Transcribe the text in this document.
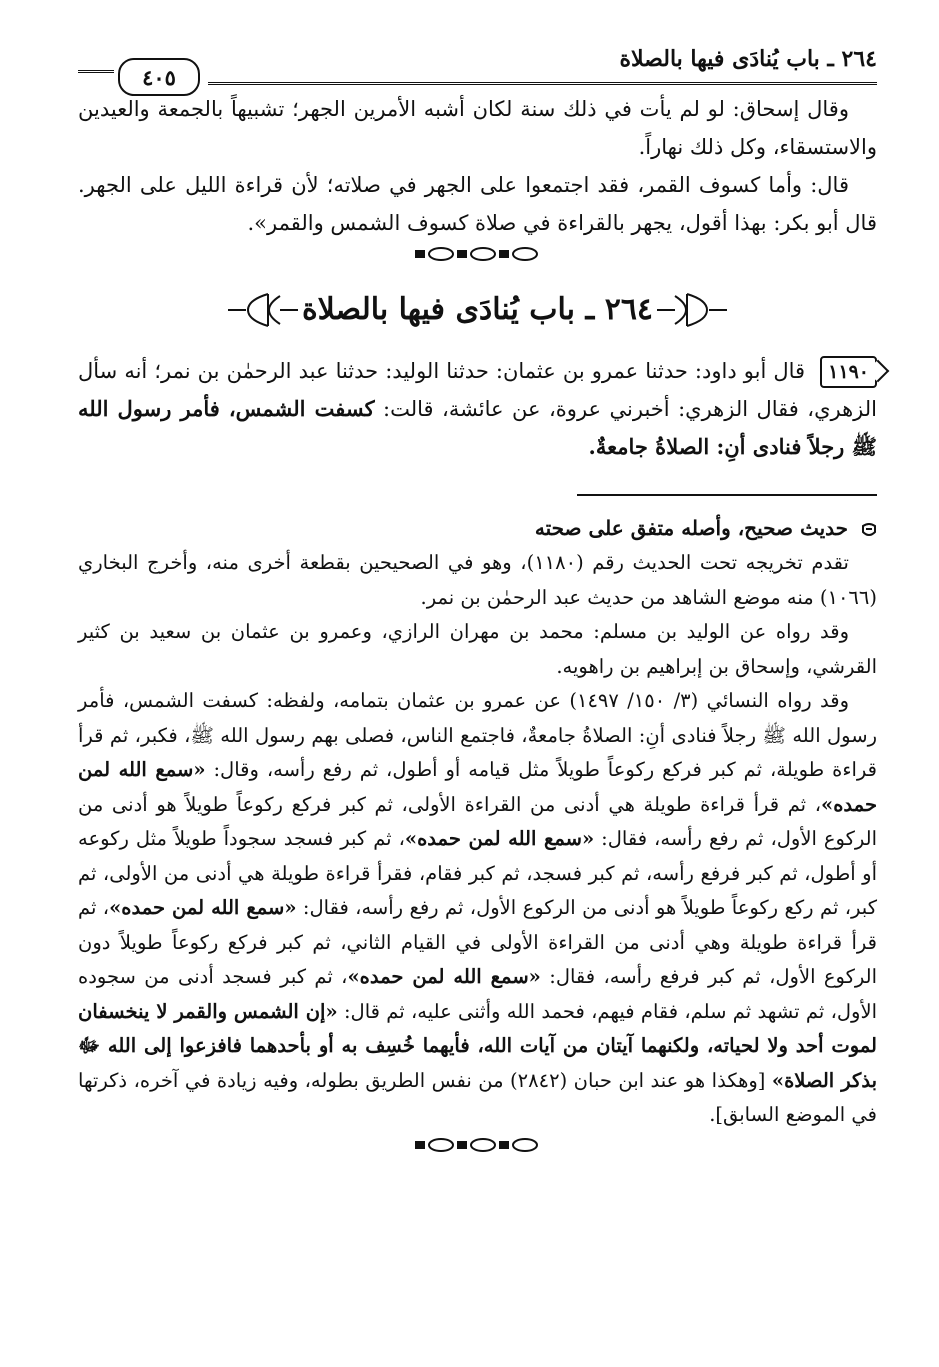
٢٦٤ ـ باب يُنادَى فيها بالصلاة
٤٠٥

وقال إسحاق: لو لم يأت في ذلك سنة لكان أشبه الأمرين الجهر؛ تشبيهاً بالجمعة والعيدين والاستسقاء، وكل ذلك نهاراً.

قال: وأما كسوف القمر، فقد اجتمعوا على الجهر في صلاته؛ لأن قراءة الليل على الجهر. قال أبو بكر: بهذا أقول، يجهر بالقراءة في صلاة كسوف الشمس والقمر».

٢٦٤ ـ باب يُنادَى فيها بالصلاة

١١٩٠ قال أبو داود: حدثنا عمرو بن عثمان: حدثنا الوليد: حدثنا عبد الرحمٰن بن نمر؛ أنه سأل الزهري، فقال الزهري: أخبرني عروة، عن عائشة، قالت: كسفت الشمس، فأمر رسول الله ﷺ رجلاً فنادى أنِ: الصلاةُ جامعةٌ.

حديث صحيح، وأصله متفق على صحته

تقدم تخريجه تحت الحديث رقم (١١٨٠)، وهو في الصحيحين بقطعة أخرى منه، وأخرج البخاري (١٠٦٦) منه موضع الشاهد من حديث عبد الرحمٰن بن نمر.

وقد رواه عن الوليد بن مسلم: محمد بن مهران الرازي، وعمرو بن عثمان بن سعيد بن كثير القرشي، وإسحاق بن إبراهيم بن راهويه.

وقد رواه النسائي (٣/ ١٥٠/ ١٤٩٧) عن عمرو بن عثمان بتمامه، ولفظه: كسفت الشمس، فأمر رسول الله ﷺ رجلاً فنادى أنِ: الصلاةُ جامعةٌ، فاجتمع الناس، فصلى بهم رسول الله ﷺ، فكبر، ثم قرأ قراءة طويلة، ثم كبر فركع ركوعاً طويلاً مثل قيامه أو أطول، ثم رفع رأسه، وقال: «سمع الله لمن حمده»، ثم قرأ قراءة طويلة هي أدنى من القراءة الأولى، ثم كبر فركع ركوعاً طويلاً هو أدنى من الركوع الأول، ثم رفع رأسه، فقال: «سمع الله لمن حمده»، ثم كبر فسجد سجوداً طويلاً مثل ركوعه أو أطول، ثم كبر فرفع رأسه، ثم كبر فسجد، ثم كبر فقام، فقرأ قراءة طويلة هي أدنى من الأولى، ثم كبر، ثم ركع ركوعاً طويلاً هو أدنى من الركوع الأول، ثم رفع رأسه، فقال: «سمع الله لمن حمده»، ثم قرأ قراءة طويلة وهي أدنى من القراءة الأولى في القيام الثاني، ثم كبر فركع ركوعاً طويلاً دون الركوع الأول، ثم كبر فرفع رأسه، فقال: «سمع الله لمن حمده»، ثم كبر فسجد أدنى من سجوده الأول، ثم تشهد ثم سلم، فقام فيهم، فحمد الله وأثنى عليه، ثم قال: «إن الشمس والقمر لا ينخسفان لموت أحد ولا لحياته، ولكنهما آيتان من آيات الله، فأيهما خُسِف به أو بأحدهما فافزعوا إلى الله ﷻ بذكر الصلاة» [وهكذا هو عند ابن حبان (٢٨٤٢) من نفس الطريق بطوله، وفيه زيادة في آخره، ذكرتها في الموضع السابق].
